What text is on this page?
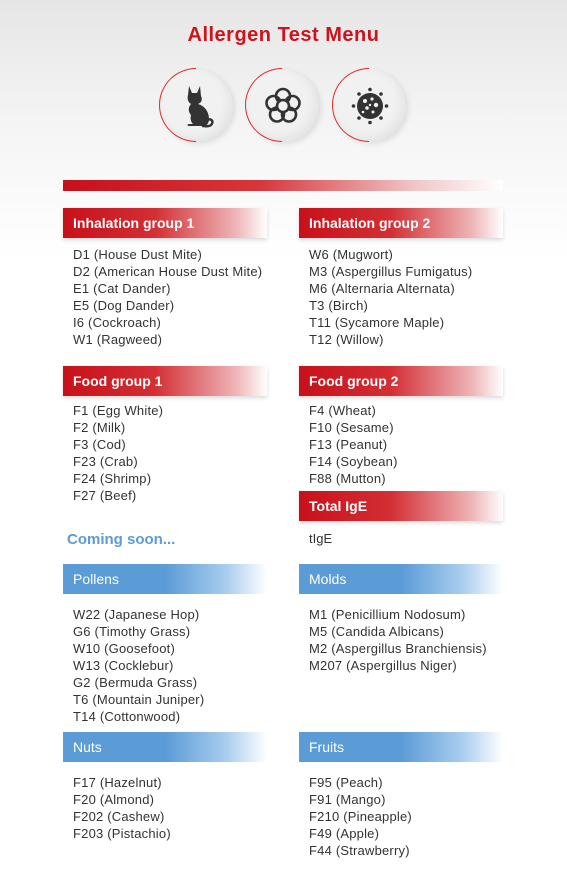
Allergen Test Menu
Inhalation group 1
D1 (House Dust Mite)
D2 (American House Dust Mite)
E1 (Cat Dander)
E5 (Dog Dander)
I6 (Cockroach)
W1 (Ragweed)
Inhalation group 2
W6 (Mugwort)
M3 (Aspergillus Fumigatus)
M6 (Alternaria Alternata)
T3 (Birch)
T11 (Sycamore Maple)
T12 (Willow)
Food group 1
F1 (Egg White)
F2 (Milk)
F3 (Cod)
F23 (Crab)
F24 (Shrimp)
F27 (Beef)
Food group 2
F4 (Wheat)
F10 (Sesame)
F13 (Peanut)
F14 (Soybean)
F88 (Mutton)
Total IgE
tIgE
Coming soon...
Pollens
W22 (Japanese Hop)
G6 (Timothy Grass)
W10 (Goosefoot)
W13 (Cocklebur)
G2 (Bermuda Grass)
T6 (Mountain Juniper)
T14 (Cottonwood)
Molds
M1 (Penicillium Nodosum)
M5 (Candida Albicans)
M2 (Aspergillus Branchiensis)
M207 (Aspergillus Niger)
Nuts
F17 (Hazelnut)
F20 (Almond)
F202 (Cashew)
F203 (Pistachio)
Fruits
F95 (Peach)
F91 (Mango)
F210 (Pineapple)
F49 (Apple)
F44 (Strawberry)
